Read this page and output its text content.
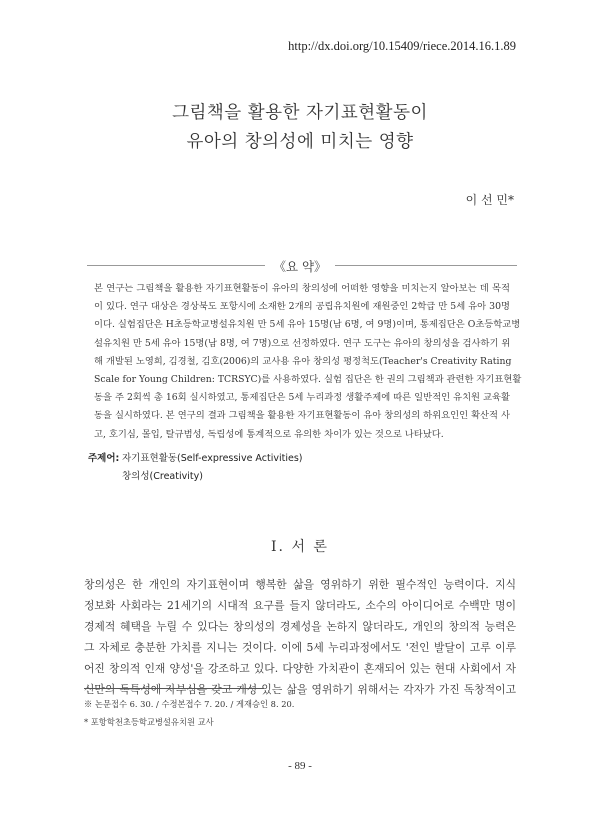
http://dx.doi.org/10.15409/riece.2014.16.1.89
그림책을 활용한 자기표현활동이
유아의 창의성에 미치는 영향
이 선 민*
《요 약》
본 연구는 그림책을 활용한 자기표현활동이 유아의 창의성에 어떠한 영향을 미치는지 알아보는 데 목적
이 있다. 연구 대상은 경상북도 포항시에 소재한 2개의 공립유치원에 재원중인 2학급 만 5세 유아 30명
이다. 실험집단은 H초등학교병설유치원 만 5세 유아 15명(남 6명, 여 9명)이며, 통제집단은 O초등학교병
설유치원 만 5세 유아 15명(남 8명, 여 7명)으로 선정하였다. 연구 도구는 유아의 창의성을 검사하기 위
해 개발된 노영희, 김경철, 김호(2006)의 교사용 유아 창의성 평정척도(Teacher's Creativity Rating
Scale for Young Children: TCRSYC)를 사용하였다. 실험 집단은 한 권의 그림책과 관련한 자기표현활
동을 주 2회씩 총 16회 실시하였고, 통제집단은 5세 누리과정 생활주제에 따른 일반적인 유치원 교육활
동을 실시하였다. 본 연구의 결과 그림책을 활용한 자기표현활동이 유아 창의성의 하위요인인 확산적 사
고, 호기심, 몰입, 탈규범성, 독립성에 통계적으로 유의한 차이가 있는 것으로 나타났다.
주제어: 자기표현활동(Self-expressive Activities)
창의성(Creativity)
Ⅰ. 서 론
창의성은 한 개인의 자기표현이며 행복한 삶을 영위하기 위한 필수적인 능력이다. 지식
정보화 사회라는 21세기의 시대적 요구를 들지 않더라도, 소수의 아이디어로 수백만 명이
경제적 혜택을 누릴 수 있다는 창의성의 경제성을 논하지 않더라도, 개인의 창의적 능력은
그 자체로 충분한 가치를 지니는 것이다. 이에 5세 누리과정에서도 '전인 발달이 고루 이루
어진 창의적 인재 양성'을 강조하고 있다. 다양한 가치관이 혼재되어 있는 현대 사회에서 자
신만의 독특성에 자부심을 갖고 개성 있는 삶을 영위하기 위해서는 각자가 가진 독창적이고
※ 논문접수 6. 30. / 수정본접수 7. 20. / 게재승인 8. 20.
* 포항학천초등학교병설유치원 교사
- 89 -
